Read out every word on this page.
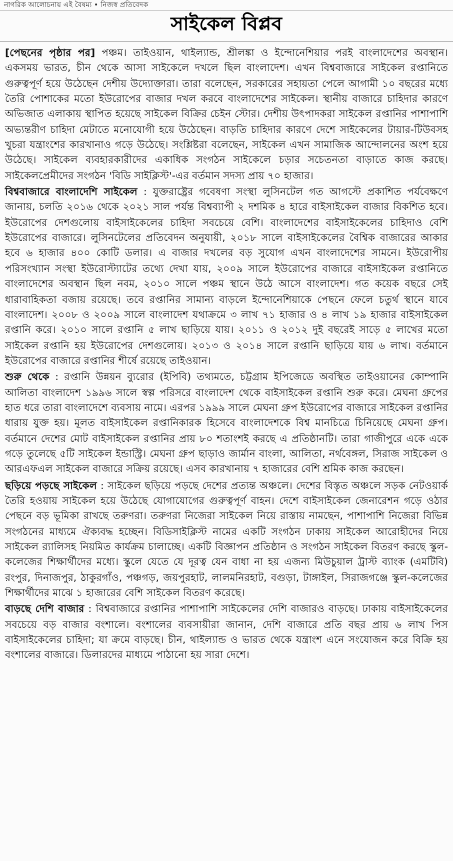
নাগরিক আলোচনায় এই বৈষম্য • নিজস্ব প্রতিবেদক
সাইকেল বিপ্লব

[পেছনের পৃষ্ঠার পর] পঞ্চম। তাইওয়ান, থাইল্যান্ড, শ্রীলঙ্কা ও ইন্দোনেশিয়ার পরই বাংলাদেশের অবস্থান। একসময় ভারত, চীন থেকে আসা সাইকেলে দখলে ছিল বাংলাদেশ। এখন বিশ্ববাজারে সাইকেল রপ্তানিতে গুরুত্বপূর্ণ হয়ে উঠেছেন দেশীয় উদ্যোক্তারা। তারা বলেছেন, সরকারের সহায়তা পেলে আগামী ১০ বছরের মধ্যে তৈরি পোশাকের মতো ইউরোপের বাজার দখল করবে বাংলাদেশের সাইকেল। স্থানীয় বাজারে চাহিদার কারণে অভিজাত এলাকায় স্থাপিত হয়েছে সাইকেল বিক্রির চেইন স্টোর। দেশীয় উৎপাদকরা সাইকেল রপ্তানির পাশাপাশি অভ্যন্তরীণ চাহিদা মেটাতে মনোযোগী হয়ে উঠেছেন। বাড়তি চাহিদার কারণে দেশে সাইকেলের টায়ার-টিউবসহ খুচরা যন্ত্রাংশের কারখানাও গড়ে উঠেছে। সংশ্লিষ্টরা বলেছেন, সাইকেল এখন সামাজিক আন্দোলনের অংশ হয়ে উঠেছে। সাইকেল ব্যবহারকারীদের একাধিক সংগঠন সাইকেলে চড়ার সচেতনতা বাড়াতে কাজ করছে। সাইকেলপ্রেমীদের সংগঠন 'বিডি সাইক্লিস্ট'-এর বর্তমান সদস্য প্রায় ৭০ হাজার।

বিশ্ববাজারে বাংলাদেশি সাইকেল : যুক্তরাষ্ট্রের গবেষণা সংস্থা লুসিনটেল গত আগস্টে প্রকাশিত পর্যবেক্ষণে জানায়, চলতি ২০১৬ থেকে ২০২১ সাল পর্যন্ত বিশ্বব্যাপী ২ দশমিক ৪ হারে বাইসাইকেল বাজার বিকশিত হবে। ইউরোপের দেশগুলোয় বাইসাইকেলের চাহিদা সবচেয়ে বেশি। বাংলাদেশের বাইসাইকেলের চাহিদাও বেশি ইউরোপের বাজারে। লুসিনটেলের প্রতিবেদন অনুযায়ী, ২০১৮ সালে বাইসাইকেলের বৈশ্বিক বাজারের আকার হবে ৬ হাজার ৪০০ কোটি ডলার। এ বাজার দখলের বড় সুযোগ এখন বাংলাদেশের সামনে। ইউরোপীয় পরিসংখ্যান সংস্থা ইউরোস্ট্যাটের তথ্যে দেখা যায়, ২০০৯ সালে ইউরোপের বাজারে বাইসাইকেল রপ্তানিতে বাংলাদেশের অবস্থান ছিল নবম, ২০১০ সালে পঞ্চম স্থানে উঠে আসে বাংলাদেশ। গত কয়েক বছরে সেই ধারাবাহিকতা বজায় রয়েছে। তবে রপ্তানির সামান্য বাড়লে ইন্দোনেশিয়াকে পেছনে ফেলে চতুর্থ স্থানে যাবে বাংলাদেশ। ২০০৮ ও ২০০৯ সালে বাংলাদেশ যথাক্রমে ৩ লাখ ৭১ হাজার ও ৪ লাখ ১৯ হাজার বাইসাইকেল রপ্তানি করে। ২০১০ সালে রপ্তানি ৫ লাখ ছাড়িয়ে যায়। ২০১১ ও ২০১২ দুই বছরেই সাড়ে ৫ লাখের মতো সাইকেল রপ্তানি হয় ইউরোপের দেশগুলোয়। ২০১৩ ও ২০১৪ সালে রপ্তানি ছাড়িয়ে যায় ৬ লাখ। বর্তমানে ইউরোপের বাজারে রপ্তানির শীর্ষে রয়েছে তাইওয়ান।

শুরু থেকে : রপ্তানি উন্নয়ন ব্যুরোর (ইপিবি) তথ্যমতে, চট্টগ্রাম ইপিজেডে অবস্থিত তাইওয়ানের কোম্পানি আলিতা বাংলাদেশ ১৯৯৬ সালে স্বল্প পরিসরে বাংলাদেশ থেকে বাইসাইকেল রপ্তানি শুরু করে। মেঘনা গ্রুপের হাত ধরে তারা বাংলাদেশে ব্যবসায় নামে। এরপর ১৯৯৯ সালে মেঘনা গ্রুপ ইউরোপের বাজারে সাইকেল রপ্তানির ধারায় যুক্ত হয়। মূলত বাইসাইকেল রপ্তানিকারক হিসেবে বাংলাদেশকে বিশ্ব মানচিত্রে চিনিয়েছে মেঘনা গ্রুপ। বর্তমানে দেশের মোট বাইসাইকেল রপ্তানির প্রায় ৮০ শতাংশই করছে এ প্রতিষ্ঠানটি। তারা গাজীপুরে একে একে গড়ে তুলেছে ৫টি সাইকেল ইন্ডাস্ট্রি। মেঘনা গ্রুপ ছাড়াও জার্মান বাংলা, আলিতা, নর্থবেঙ্গল, সিরাজ সাইকেল ও আরএফএল সাইকেল বাজারে সক্রিয় রয়েছে। এসব কারখানায় ৭ হাজারের বেশি শ্রমিক কাজ করছেন।

ছড়িয়ে পড়ছে সাইকেল : সাইকেল ছড়িয়ে পড়ছে দেশের প্রত্যন্ত অঞ্চলে। দেশের বিস্তৃত অঞ্চলে সড়ক নেটওয়ার্ক তৈরি হওয়ায় সাইকেল হয়ে উঠেছে যোগাযোগের গুরুত্বপূর্ণ বাহন। দেশে বাইসাইকেল জেনারেশন গড়ে ওঠার পেছনে বড় ভূমিকা রাখছে তরুণরা। তরুণরা নিজেরা সাইকেল নিয়ে রাস্তায় নামছেন, পাশাপাশি নিজেরা বিভিন্ন সংগঠনের মাধ্যমে ঐক্যবদ্ধ হচ্ছেন। বিডিসাইক্লিস্ট নামের একটি সংগঠন ঢাকায় সাইকেল আরোহীদের নিয়ে সাইকেল র‌্যালিসহ নিয়মিত কার্যক্রম চালাচ্ছে। একটি বিজ্ঞাপন প্রতিষ্ঠান ও সংগঠন সাইকেল বিতরণ করছে স্কুল-কলেজের শিক্ষার্থীদের মধ্যে। স্কুলে যেতে যে দূরত্ব যেন বাধা না হয় এজন্য মিউচুয়াল ট্রাস্ট ব্যাংক (এমটিবি) রংপুর, দিনাজপুর, ঠাকুরগাঁও, পঞ্চগড়, জয়পুরহাট, লালমনিরহাট, বগুড়া, টাঙ্গাইল, সিরাজগঞ্জে স্কুল-কলেজের শিক্ষার্থীদের মাঝে ১ হাজারের বেশি সাইকেল বিতরণ করেছে।

বাড়ছে দেশি বাজার : বিশ্ববাজারে রপ্তানির পাশাপাশি সাইকেলের দেশি বাজারও বাড়ছে। ঢাকায় বাইসাইকেলের সবচেয়ে বড় বাজার বংশালে। বংশালের ব্যবসায়ীরা জানান, দেশি বাজারে প্রতি বছর প্রায় ৬ লাখ পিস বাইসাইকেলের চাহিদা; যা ক্রমে বাড়ছে। চীন, থাইল্যান্ড ও ভারত থেকে যন্ত্রাংশ এনে সংযোজন করে বিক্রি হয় বংশালের বাজারে। ডিলারদের মাধ্যমে পাঠানো হয় সারা দেশে।
